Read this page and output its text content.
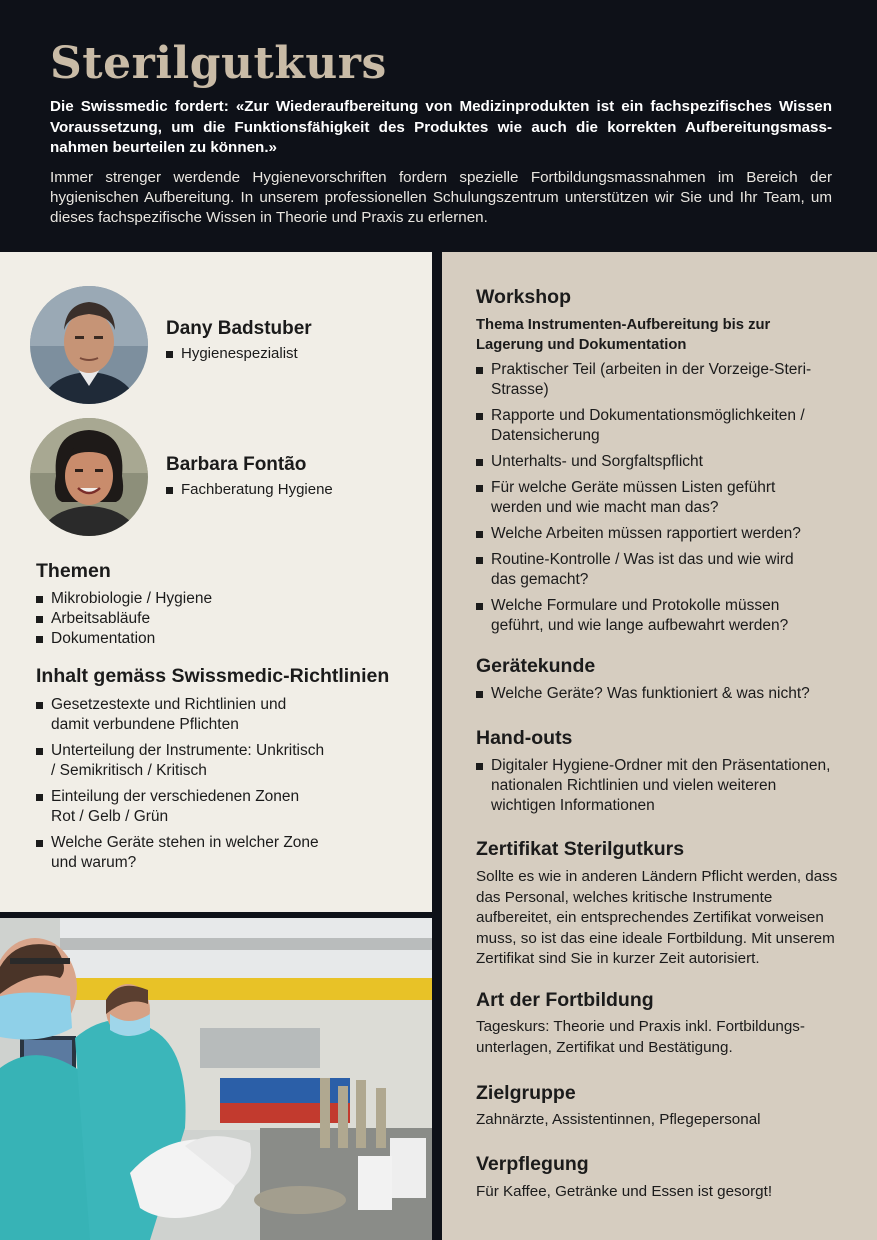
Sterilgutkurs

Die Swissmedic fordert: «Zur Wiederaufbereitung von Medizinprodukten ist ein fachspezifisches Wissen Voraussetzung, um die Funktionsfähigkeit des Produktes wie auch die korrekten Aufbereitungsmassnahmen beurteilen zu können.»

Immer strenger werdende Hygienevorschriften fordern spezielle Fortbildungsmassnahmen im Bereich der hygienischen Aufbereitung. In unserem professionellen Schulungszentrum unterstützen wir Sie und Ihr Team, um dieses fachspezifische Wissen in Theorie und Praxis zu erlernen.

Dany Badstuber
Hygienespezialist
Barbara Fontão
Fachberatung Hygiene
Themen
Mikrobiologie / Hygiene
Arbeitsabläufe
Dokumentation
Inhalt gemäss Swissmedic-Richtlinien
Gesetzestexte und Richtlinien und damit verbundene Pflichten
Unterteilung der Instrumente: Unkritisch / Semikritisch / Kritisch
Einteilung der verschiedenen Zonen Rot / Gelb / Grün
Welche Geräte stehen in welcher Zone und warum?
Workshop

Thema Instrumenten-Aufbereitung bis zur Lagerung und Dokumentation

Praktischer Teil (arbeiten in der Vorzeige-Steri-Strasse)
Rapporte und Dokumentationsmöglichkeiten / Datensicherung
Unterhalts- und Sorgfaltspflicht
Für welche Geräte müssen Listen geführt werden und wie macht man das?
Welche Arbeiten müssen rapportiert werden?
Routine-Kontrolle / Was ist das und wie wird das gemacht?
Welche Formulare und Protokolle müssen geführt, und wie lange aufbewahrt werden?
Gerätekunde
Welche Geräte? Was funktioniert & was nicht?
Hand-outs
Digitaler Hygiene-Ordner mit den Präsentationen, nationalen Richtlinien und vielen weiteren wichtigen Informationen
Zertifikat Sterilgutkurs

Sollte es wie in anderen Ländern Pflicht werden, dass das Personal, welches kritische Instrumente aufbereitet, ein entsprechendes Zertifikat vorweisen muss, so ist das eine ideale Fortbildung. Mit unserem Zertifikat sind Sie in kurzer Zeit autorisiert.

Art der Fortbildung

Tageskurs: Theorie und Praxis inkl. Fortbildungsunterlagen, Zertifikat und Bestätigung.

Zielgruppe

Zahnärzte, Assistentinnen, Pflegepersonal

Verpflegung

Für Kaffee, Getränke und Essen ist gesorgt!
